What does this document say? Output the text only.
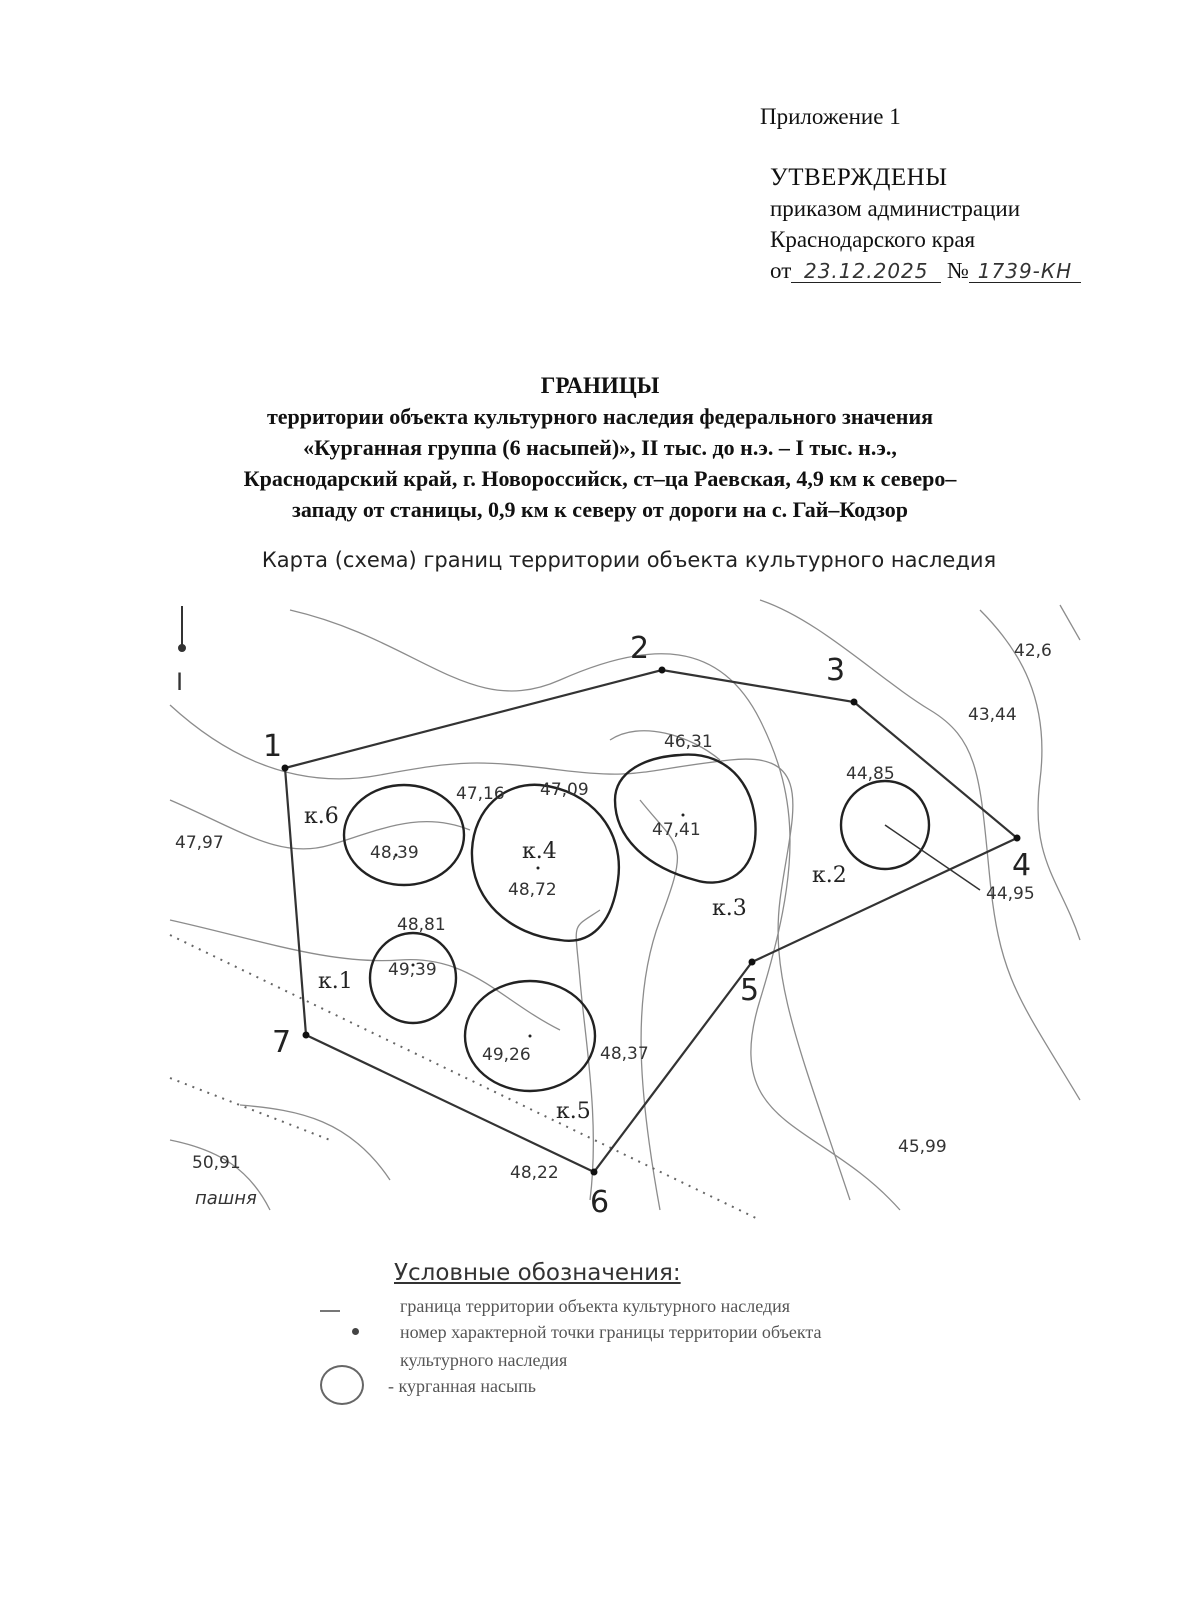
Приложение 1
УТВЕРЖДЕНЫ
приказом администрации
Краснодарского края
от 23.12.2025 № 1739-КН
ГРАНИЦЫ
территории объекта культурного наследия федерального значения
«Курганная группа (6 насыпей)», II тыс. до н.э. – I тыс. н.э.,
Краснодарский край, г. Новороссийск, ст–ца Раевская, 4,9 км к северо–
западу от станицы, 0,9 км к северу от дороги на с. Гай–Кодзор
Карта (схема) границ территории объекта культурного наследия
I
1
2
3
4
5
6
7
к.1
к.2
к.3
к.4
к.5
к.6
42,6
43,44
44,85
44,95
45,99
46,31
47,09
47,16
47,41
47,97
48,22
48,37
48,39
48,72
48,81
49,26
49,39
50,91
пашня
Условные обозначения:
граница территории объекта культурного наследия
номер характерной точки границы территории объекта
культурного наследия
- курганная насыпь
